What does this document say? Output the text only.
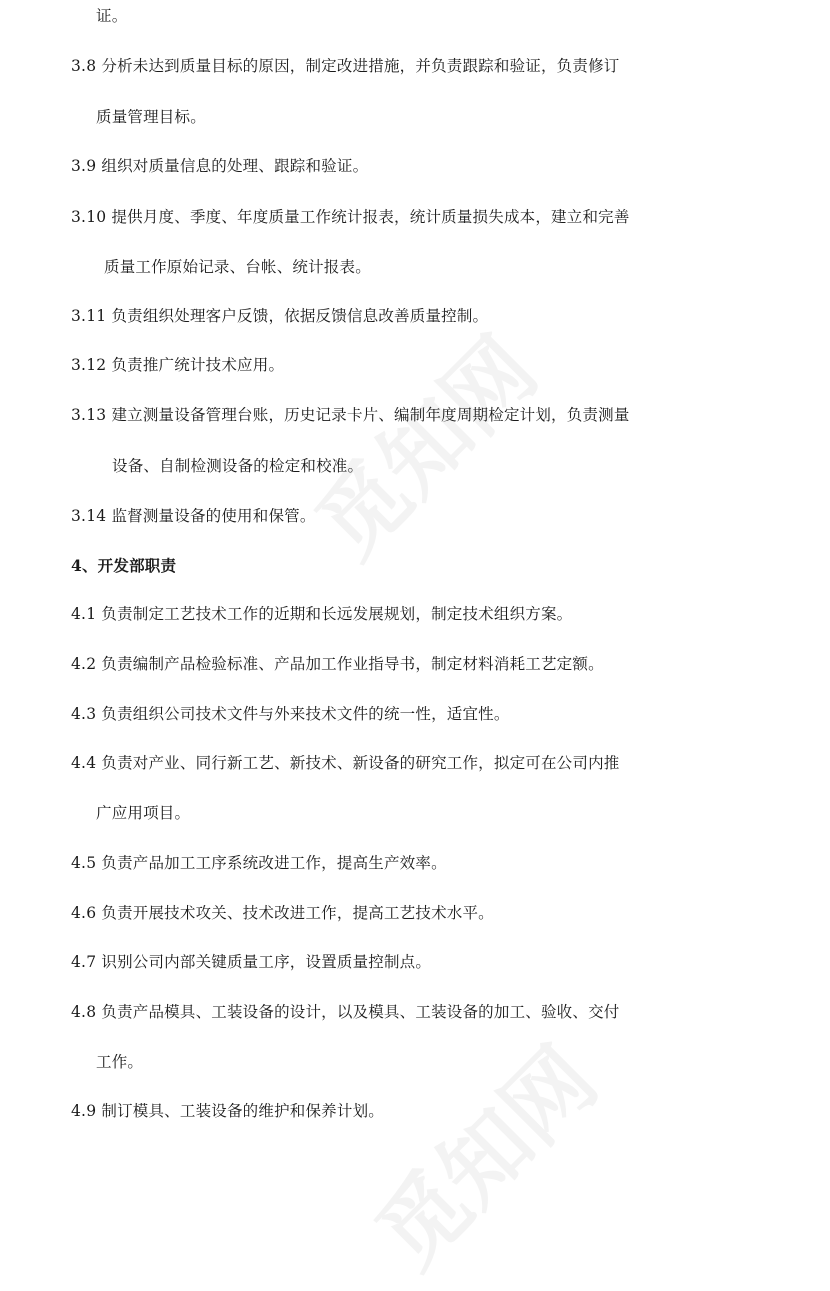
证。
3.8 分析未达到质量目标的原因，制定改进措施，并负责跟踪和验证，负责修订
质量管理目标。
3.9 组织对质量信息的处理、跟踪和验证。
3.10 提供月度、季度、年度质量工作统计报表，统计质量损失成本，建立和完善
质量工作原始记录、台帐、统计报表。
3.11 负责组织处理客户反馈，依据反馈信息改善质量控制。
3.12 负责推广统计技术应用。
3.13 建立测量设备管理台账，历史记录卡片、编制年度周期检定计划，负责测量
设备、自制检测设备的检定和校准。
3.14 监督测量设备的使用和保管。
4、开发部职责
4.1 负责制定工艺技术工作的近期和长远发展规划，制定技术组织方案。
4.2 负责编制产品检验标准、产品加工作业指导书，制定材料消耗工艺定额。
4.3 负责组织公司技术文件与外来技术文件的统一性，适宜性。
4.4 负责对产业、同行新工艺、新技术、新设备的研究工作，拟定可在公司内推
广应用项目。
4.5 负责产品加工工序系统改进工作，提高生产效率。
4.6 负责开展技术攻关、技术改进工作，提高工艺技术水平。
4.7 识别公司内部关键质量工序，设置质量控制点。
4.8 负责产品模具、工装设备的设计，以及模具、工装设备的加工、验收、交付
工作。
4.9 制订模具、工装设备的维护和保养计划。
